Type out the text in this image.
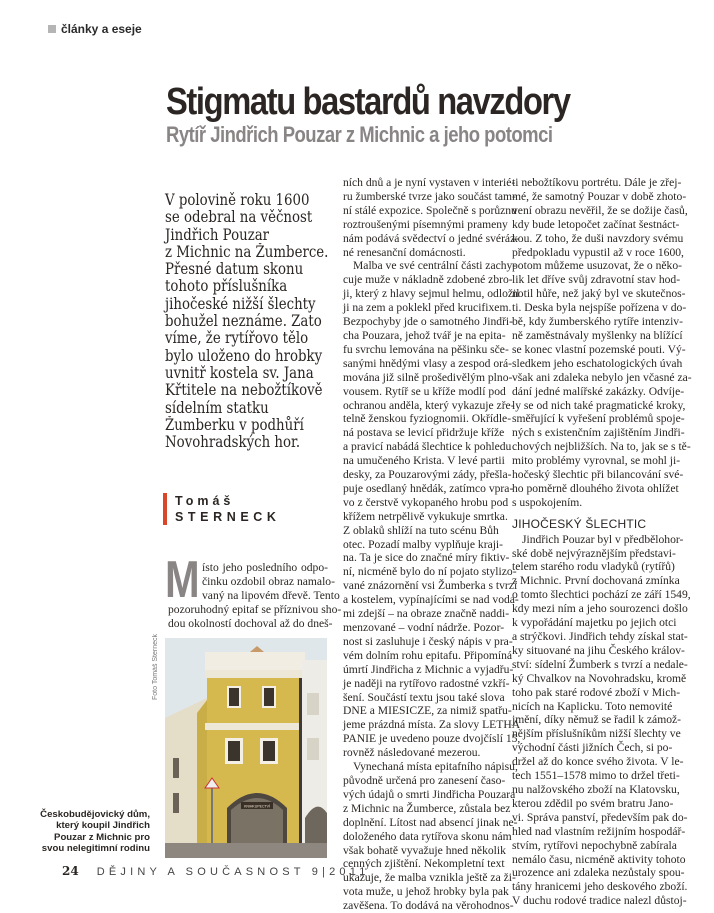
články a eseje
Stigmatu bastardů navzdory
Rytíř Jindřich Pouzar z Michnic a jeho potomci
V polovině roku 1600
se odebral na věčnost
Jindřich Pouzar
z Michnic na Žumberce.
Přesné datum skonu
tohoto příslušníka
jihočeské nižší šlechty
bohužel neznáme. Zato
víme, že rytířovo tělo
bylo uloženo do hrobky
uvnitř kostela sv. Jana
Křtitele na nebožtíkově
sídelním statku
Žumberku v podhůří
Novohradských hor.
Tomáš
STERNECK
M ísto jeho posledního odpo-
činku ozdobil obraz namalo-
vaný na lipovém dřevě. Tento
pozoruhodný epitaf se příznivou sho-
dou okolností dochoval až do dneš-
Foto Tomáš Sterneck
KNIHKUPECTVÍ
Českobudějovický dům,
který koupil Jindřich
Pouzar z Michnic pro
svou nelegitimní rodinu
ních dnů a je nyní vystaven v interié-
ru žumberské tvrze jako součást tam-
ní stálé expozice. Společně s porůznu
roztroušenými písemnými prameny
nám podává svědectví o jedné svéráz-
né renesanční domácnosti.
Malba ve své centrální části zachy-
cuje muže v nákladně zdobené zbro-
ji, který z hlavy sejmul helmu, odložil
ji na zem a poklekl před krucifixem.
Bezpochyby jde o samotného Jindři-
cha Pouzara, jehož tvář je na epita-
fu svrchu lemována na pěšinku sče-
sanými hnědými vlasy a zespod orá-
mována již silně prošedivělým plno-
vousem. Rytíř se u kříže modlí pod
ochranou anděla, který vykazuje zře-
telně ženskou fyziognomii. Okřídle-
ná postava se levicí přidržuje kříže
a pravicí nabádá šlechtice k pohledu
na umučeného Krista. V levé partii
desky, za Pouzarovými zády, přešla-
puje osedlaný hnědák, zatímco vpra-
vo z čerstvě vykopaného hrobu pod
křížem netrpělivě vykukuje smrtka.
Z oblaků shlíží na tuto scénu Bůh
otec. Pozadí malby vyplňuje kraji-
na. Ta je sice do značné míry fiktiv-
ní, nicméně bylo do ní pojato stylizo-
vané znázornění vsi Žumberka s tvrzí
a kostelem, vypínajícími se nad voda-
mi zdejší – na obraze značně naddi-
menzované – vodní nádrže. Pozor-
nost si zasluhuje i český nápis v pra-
vém dolním rohu epitafu. Připomíná
úmrtí Jindřicha z Michnic a vyjadřu-
je naději na rytířovo radostné vzkří-
šení. Součástí textu jsou také slova
DNE a MIESICZE, za nimiž spatřu-
jeme prázdná místa. Za slovy LETHA
PANIE je uvedeno pouze dvojčíslí 15,
rovněž následované mezerou.
Vynechaná místa epitafního nápisu,
původně určená pro zanesení časo-
vých údajů o smrti Jindřicha Pouzara
z Michnic na Žumberce, zůstala bez
doplnění. Lítost nad absencí jinak ne-
doloženého data rytířova skonu nám
však bohatě vyvažuje hned několik
cenných zjištění. Nekompletní text
ukazuje, že malba vznikla ještě za ži-
vota muže, u jehož hrobky byla pak
zavěšena. To dodává na věrohodnos-
ti nebožtíkovu portrétu. Dále je zřej-
mé, že samotný Pouzar v době zhoto-
vení obrazu nevěřil, že se dožije časů,
kdy bude letopočet začínat šestnáct-
kou. Z toho, že duši navzdory svému
předpokladu vypustil až v roce 1600,
potom můžeme usuzovat, že o něko-
lik let dříve svůj zdravotní stav hod-
notil hůře, než jaký byl ve skutečnos-
ti. Deska byla nejspíše pořízena v do-
bě, kdy žumberského rytíře intenziv-
ně zaměstnávaly myšlenky na blížící
se konec vlastní pozemské pouti. Vý-
sledkem jeho eschatologických úvah
však ani zdaleka nebylo jen včasné za-
dání jedné malířské zakázky. Odvíje-
ly se od nich také pragmatické kroky,
směřující k vyřešení problémů spoje-
ných s existenčním zajištěním Jindři-
chových nejbližších. Na to, jak se s tě-
mito problémy vyrovnal, se mohl ji-
hočeský šlechtic při bilancování své-
ho poměrně dlouhého života ohlížet
s uspokojením.
JIHOČESKÝ ŠLECHTIC
Jindřich Pouzar byl v předbělohor-
ské době nejvýraznějším představi-
telem starého rodu vladyků (rytířů)
z Michnic. První dochovaná zmínka
o tomto šlechtici pochází ze září 1549,
kdy mezi ním a jeho sourozenci došlo
k vypořádání majetku po jejich otci
a strýčkovi. Jindřich tehdy získal stat-
ky situované na jihu Českého králov-
ství: sídelní Žumberk s tvrzí a nedale-
ký Chvalkov na Novohradsku, kromě
toho pak staré rodové zboží v Mich-
nicích na Kaplicku. Toto nemovité
jmění, díky němuž se řadil k zámož-
nějším příslušníkům nižší šlechty ve
východní části jižních Čech, si po-
držel až do konce svého života. V le-
tech 1551–1578 mimo to držel třeti-
nu nalžovského zboží na Klatovsku,
kterou zdědil po svém bratru Jano-
vi. Správa panství, především pak do-
hled nad vlastním režijním hospodář-
stvím, rytířovi nepochybně zabírala
nemálo času, nicméně aktivity tohoto
urozence ani zdaleka nezůstaly spou-
tány hranicemi jeho deskového zboží.
V duchu rodové tradice nalezl důstoj-
24 DĚJINY A SOUČASNOST 9|2011
